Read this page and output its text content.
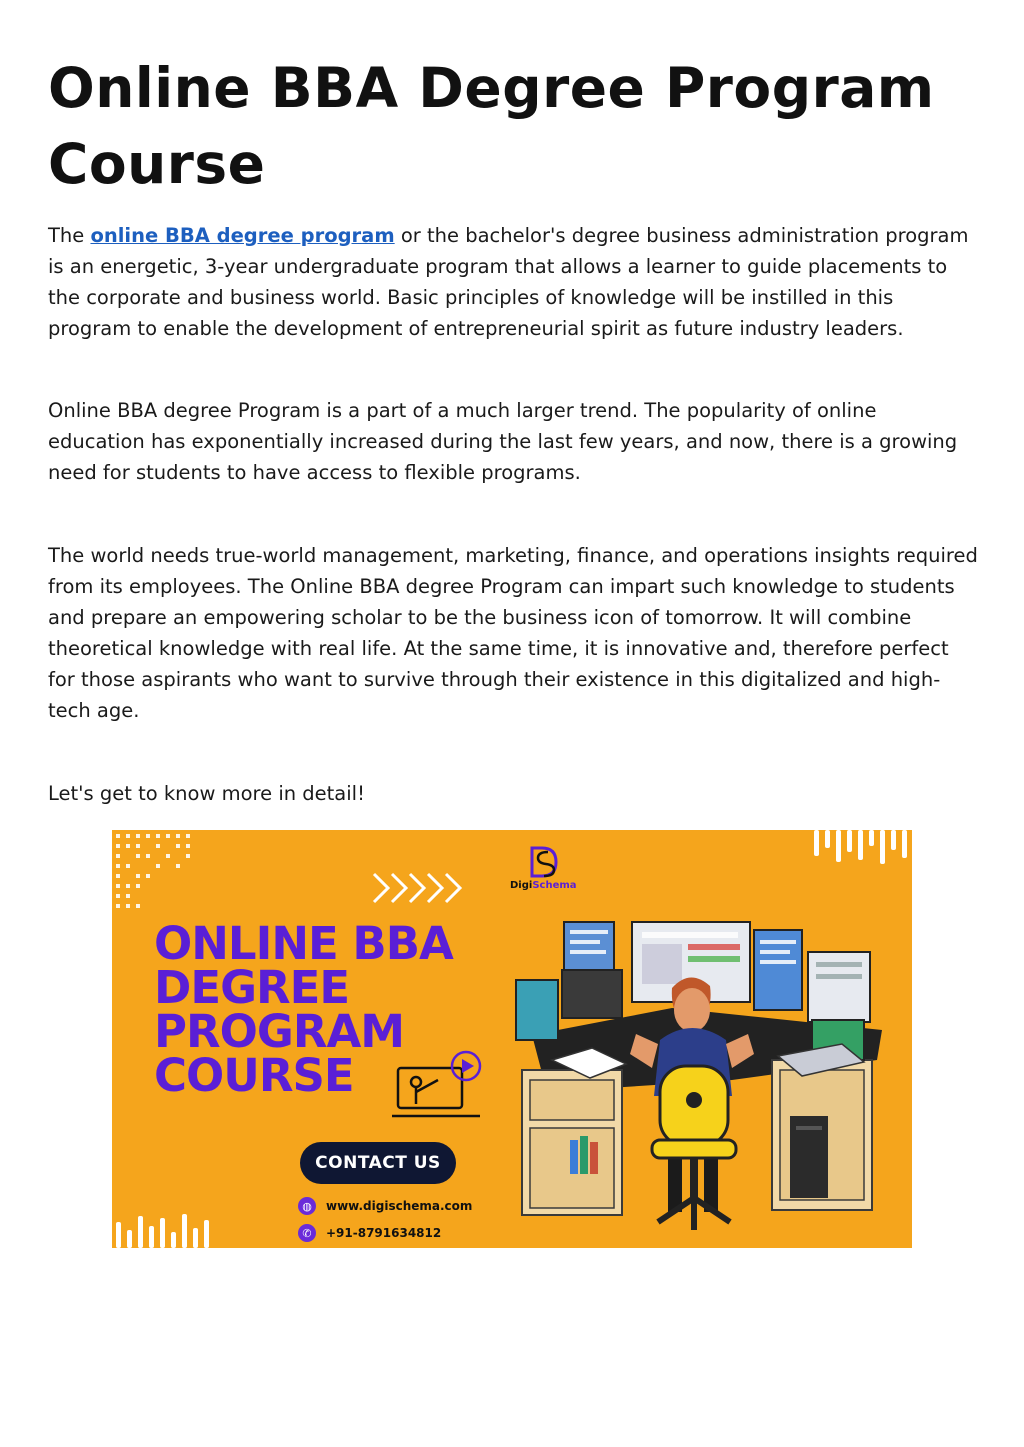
Online BBA Degree Program Course

The online BBA degree program or the bachelor's degree business administration program is an energetic, 3-year undergraduate program that allows a learner to guide placements to the corporate and business world. Basic principles of knowledge will be instilled in this program to enable the development of entrepreneurial spirit as future industry leaders.

Online BBA degree Program is a part of a much larger trend. The popularity of online education has exponentially increased during the last few years, and now, there is a growing need for students to have access to flexible programs.

The world needs true-world management, marketing, finance, and operations insights required from its employees. The Online BBA degree Program can impart such knowledge to students and prepare an empowering scholar to be the business icon of tomorrow. It will combine theoretical knowledge with real life. At the same time, it is innovative and, therefore perfect for those aspirants who want to survive through their existence in this digitalized and high-tech age.

Let's get to know more in detail!

DigiSchema
ONLINE BBA
DEGREE
PROGRAM
COURSE
CONTACT US
◍	www.digischema.com
✆	+91-8791634812
